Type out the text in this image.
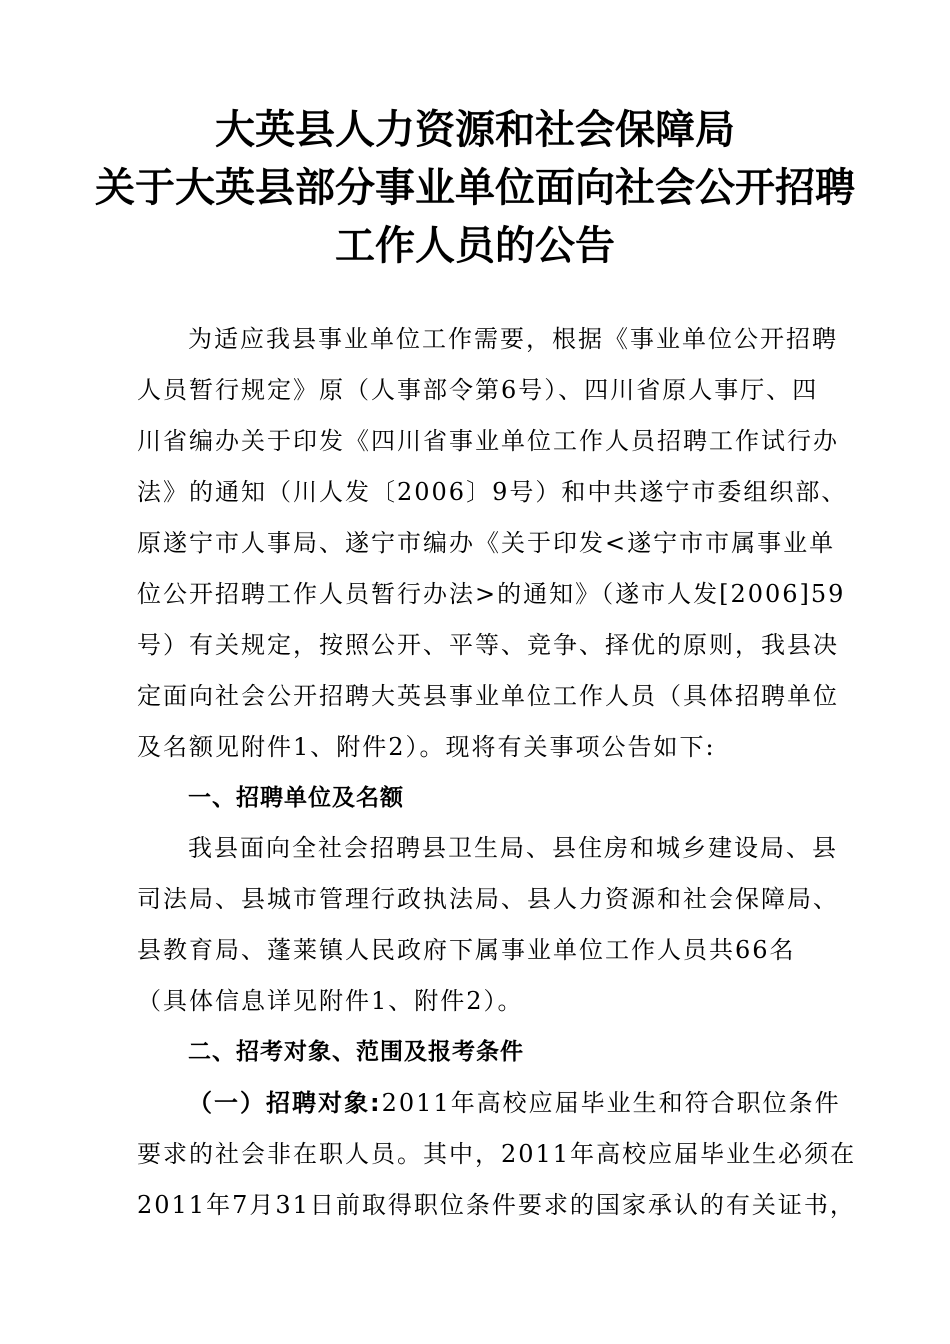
大英县人力资源和社会保障局
关于大英县部分事业单位面向社会公开招聘
工作人员的公告

为适应我县事业单位工作需要，根据《事业单位公开招聘

人员暂行规定》原（人事部令第6号）、四川省原人事厅、四

川省编办关于印发《四川省事业单位工作人员招聘工作试行办

法》的通知（川人发〔2006〕9号）和中共遂宁市委组织部、

原遂宁市人事局、遂宁市编办《关于印发<遂宁市市属事业单

位公开招聘工作人员暂行办法>的通知》（遂市人发[2006]59

号）有关规定，按照公开、平等、竞争、择优的原则，我县决

定面向社会公开招聘大英县事业单位工作人员（具体招聘单位

及名额见附件1、附件2）。现将有关事项公告如下:

一、招聘单位及名额

我县面向全社会招聘县卫生局、县住房和城乡建设局、县

司法局、县城市管理行政执法局、县人力资源和社会保障局、

县教育局、蓬莱镇人民政府下属事业单位工作人员共66名

（具体信息详见附件1、附件2）。

二、招考对象、范围及报考条件

（一）招聘对象:2011年高校应届毕业生和符合职位条件

要求的社会非在职人员。其中，2011年高校应届毕业生必须在

2011年7月31日前取得职位条件要求的国家承认的有关证书，
